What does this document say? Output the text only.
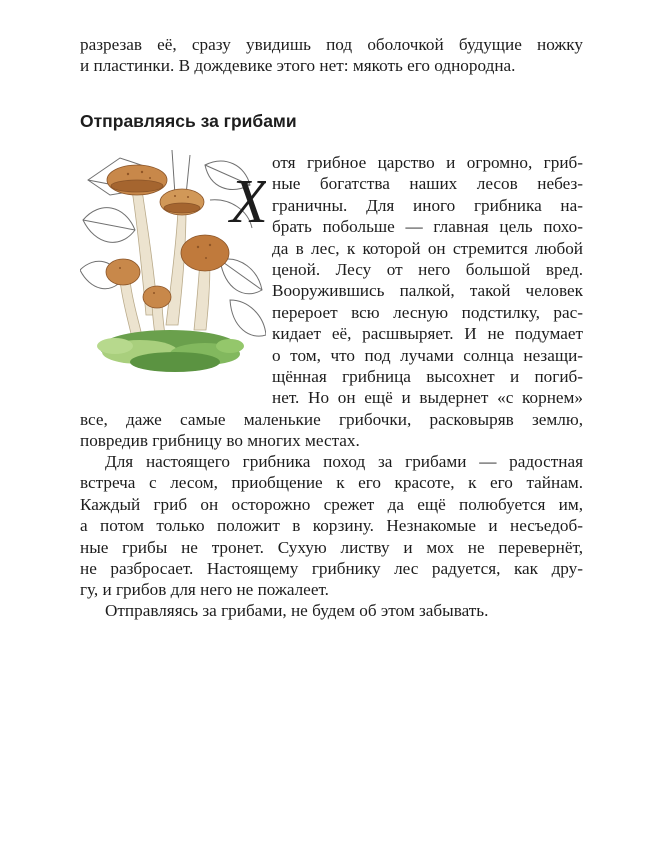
разрезав её, сразу увидишь под оболочкой будущие ножку
и пластинки. В дождевике этого нет: мякоть его однородна.
Отправляясь за грибами
Х
отя грибное царство и огромно, гриб-
ные богатства наших лесов небез-
граничны. Для иного грибника на-
брать побольше — главная цель похо-
да в лес, к которой он стремится любой
ценой. Лесу от него большой вред.
Вооружившись палкой, такой человек
перероет всю лесную подстилку, рас-
кидает её, расшвыряет. И не подумает
о том, что под лучами солнца незащи-
щённая грибница высохнет и погиб-
нет. Но он ещё и выдернет «с корнем»
все, даже самые маленькие грибочки, расковыряв землю,
повредив грибницу во многих местах.
Для настоящего грибника поход за грибами — радостная
встреча с лесом, приобщение к его красоте, к его тайнам.
Каждый гриб он осторожно срежет да ещё полюбуется им,
а потом только положит в корзину. Незнакомые и несъедоб-
ные грибы не тронет. Сухую листву и мох не перевернёт,
не разбросает. Настоящему грибнику лес радуется, как дру-
гу, и грибов для него не пожалеет.
Отправляясь за грибами, не будем об этом забывать.
